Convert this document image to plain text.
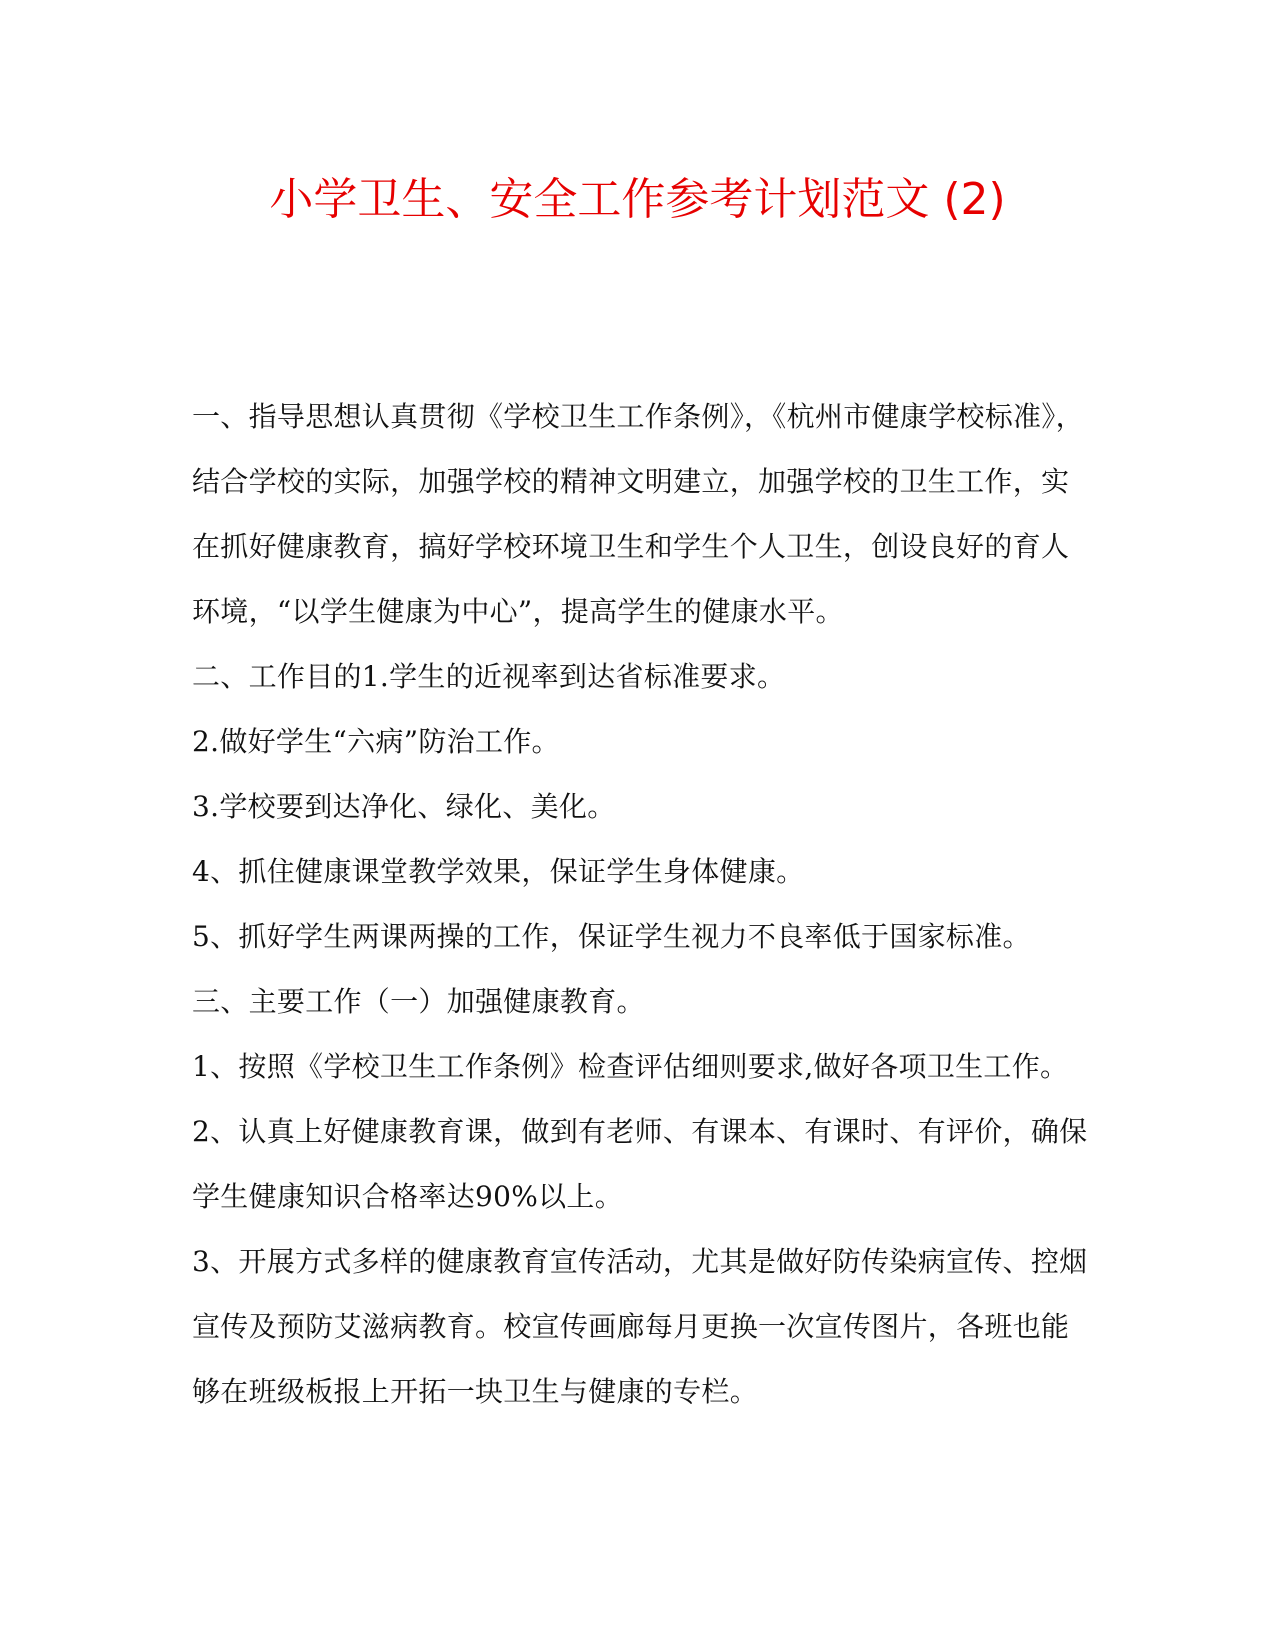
小学卫生、安全工作参考计划范文 (2)

一、指导思想认真贯彻《学校卫生工作条例》，《杭州市健康学校标准》，结合学校的实际，加强学校的精神文明建立，加强学校的卫生工作，实在抓好健康教育，搞好学校环境卫生和学生个人卫生，创设良好的育人环境，“以学生健康为中心”，提高学生的健康水平。

二、工作目的1.学生的近视率到达省标准要求。

2.做好学生“六病”防治工作。

3.学校要到达净化、绿化、美化。

4、抓住健康课堂教学效果，保证学生身体健康。

5、抓好学生两课两操的工作，保证学生视力不良率低于国家标准。

三、主要工作（一）加强健康教育。

1、按照《学校卫生工作条例》检查评估细则要求,做好各项卫生工作。

2、认真上好健康教育课，做到有老师、有课本、有课时、有评价，确保学生健康知识合格率达90%以上。

3、开展方式多样的健康教育宣传活动，尤其是做好防传染病宣传、控烟宣传及预防艾滋病教育。校宣传画廊每月更换一次宣传图片，各班也能够在班级板报上开拓一块卫生与健康的专栏。
